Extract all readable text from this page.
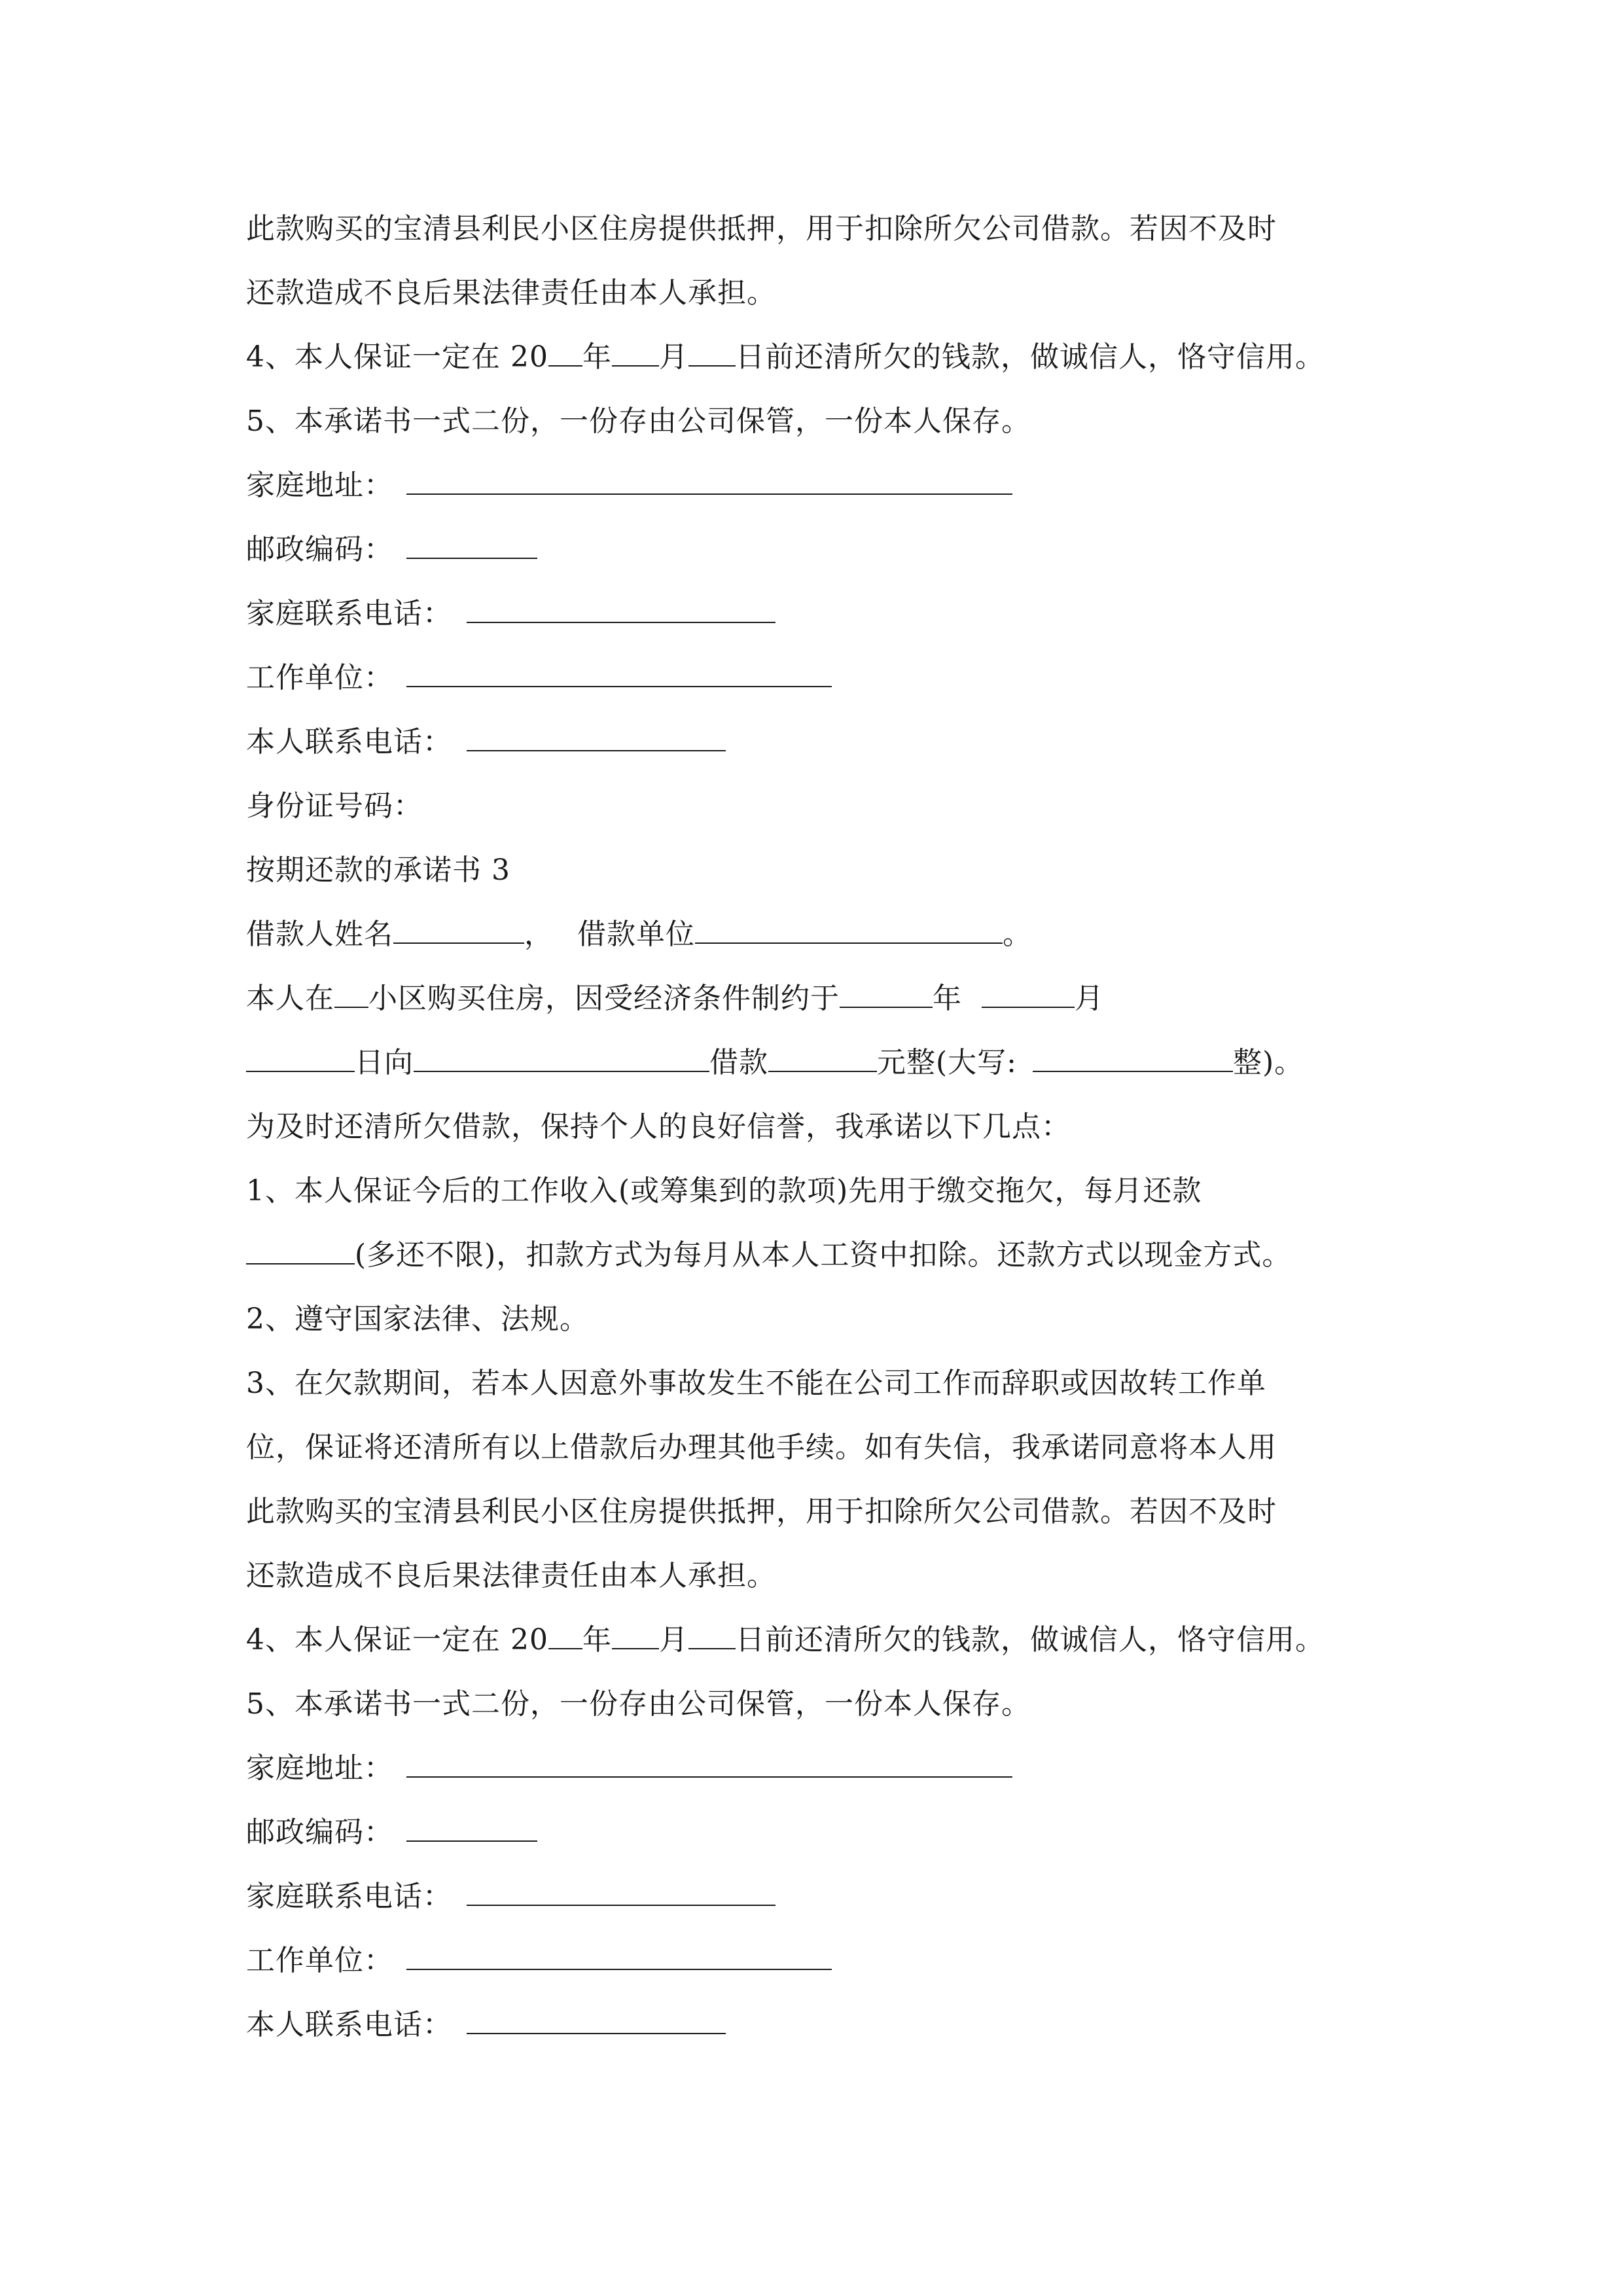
此款购买的宝清县利民小区住房提供抵押，用于扣除所欠公司借款。若因不及时
还款造成不良后果法律责任由本人承担。
4、本人保证一定在 20 年 月 日前还清所欠的钱款，做诚信人，恪守信用。
5、本承诺书一式二份，一份存由公司保管，一份本人保存。
家庭地址：
邮政编码：
家庭联系电话：
工作单位：
本人联系电话：
身份证号码：
按期还款的承诺书 3
借款人姓名	， 借款单位	。
本人在 小区购买住房，因受经济条件制约于	年	月
日向	借款	元整(大写:	整)。
为及时还清所欠借款，保持个人的良好信誉，我承诺以下几点：
1、本人保证今后的工作收入(或筹集到的款项)先用于缴交拖欠，每月还款
(多还不限)，扣款方式为每月从本人工资中扣除。还款方式以现金方式。
2、遵守国家法律、法规。
3、在欠款期间，若本人因意外事故发生不能在公司工作而辞职或因故转工作单
位，保证将还清所有以上借款后办理其他手续。如有失信，我承诺同意将本人用
此款购买的宝清县利民小区住房提供抵押，用于扣除所欠公司借款。若因不及时
还款造成不良后果法律责任由本人承担。
4、本人保证一定在 20 年 月 日前还清所欠的钱款，做诚信人，恪守信用。
5、本承诺书一式二份，一份存由公司保管，一份本人保存。
家庭地址：
邮政编码：
家庭联系电话：
工作单位：
本人联系电话：
